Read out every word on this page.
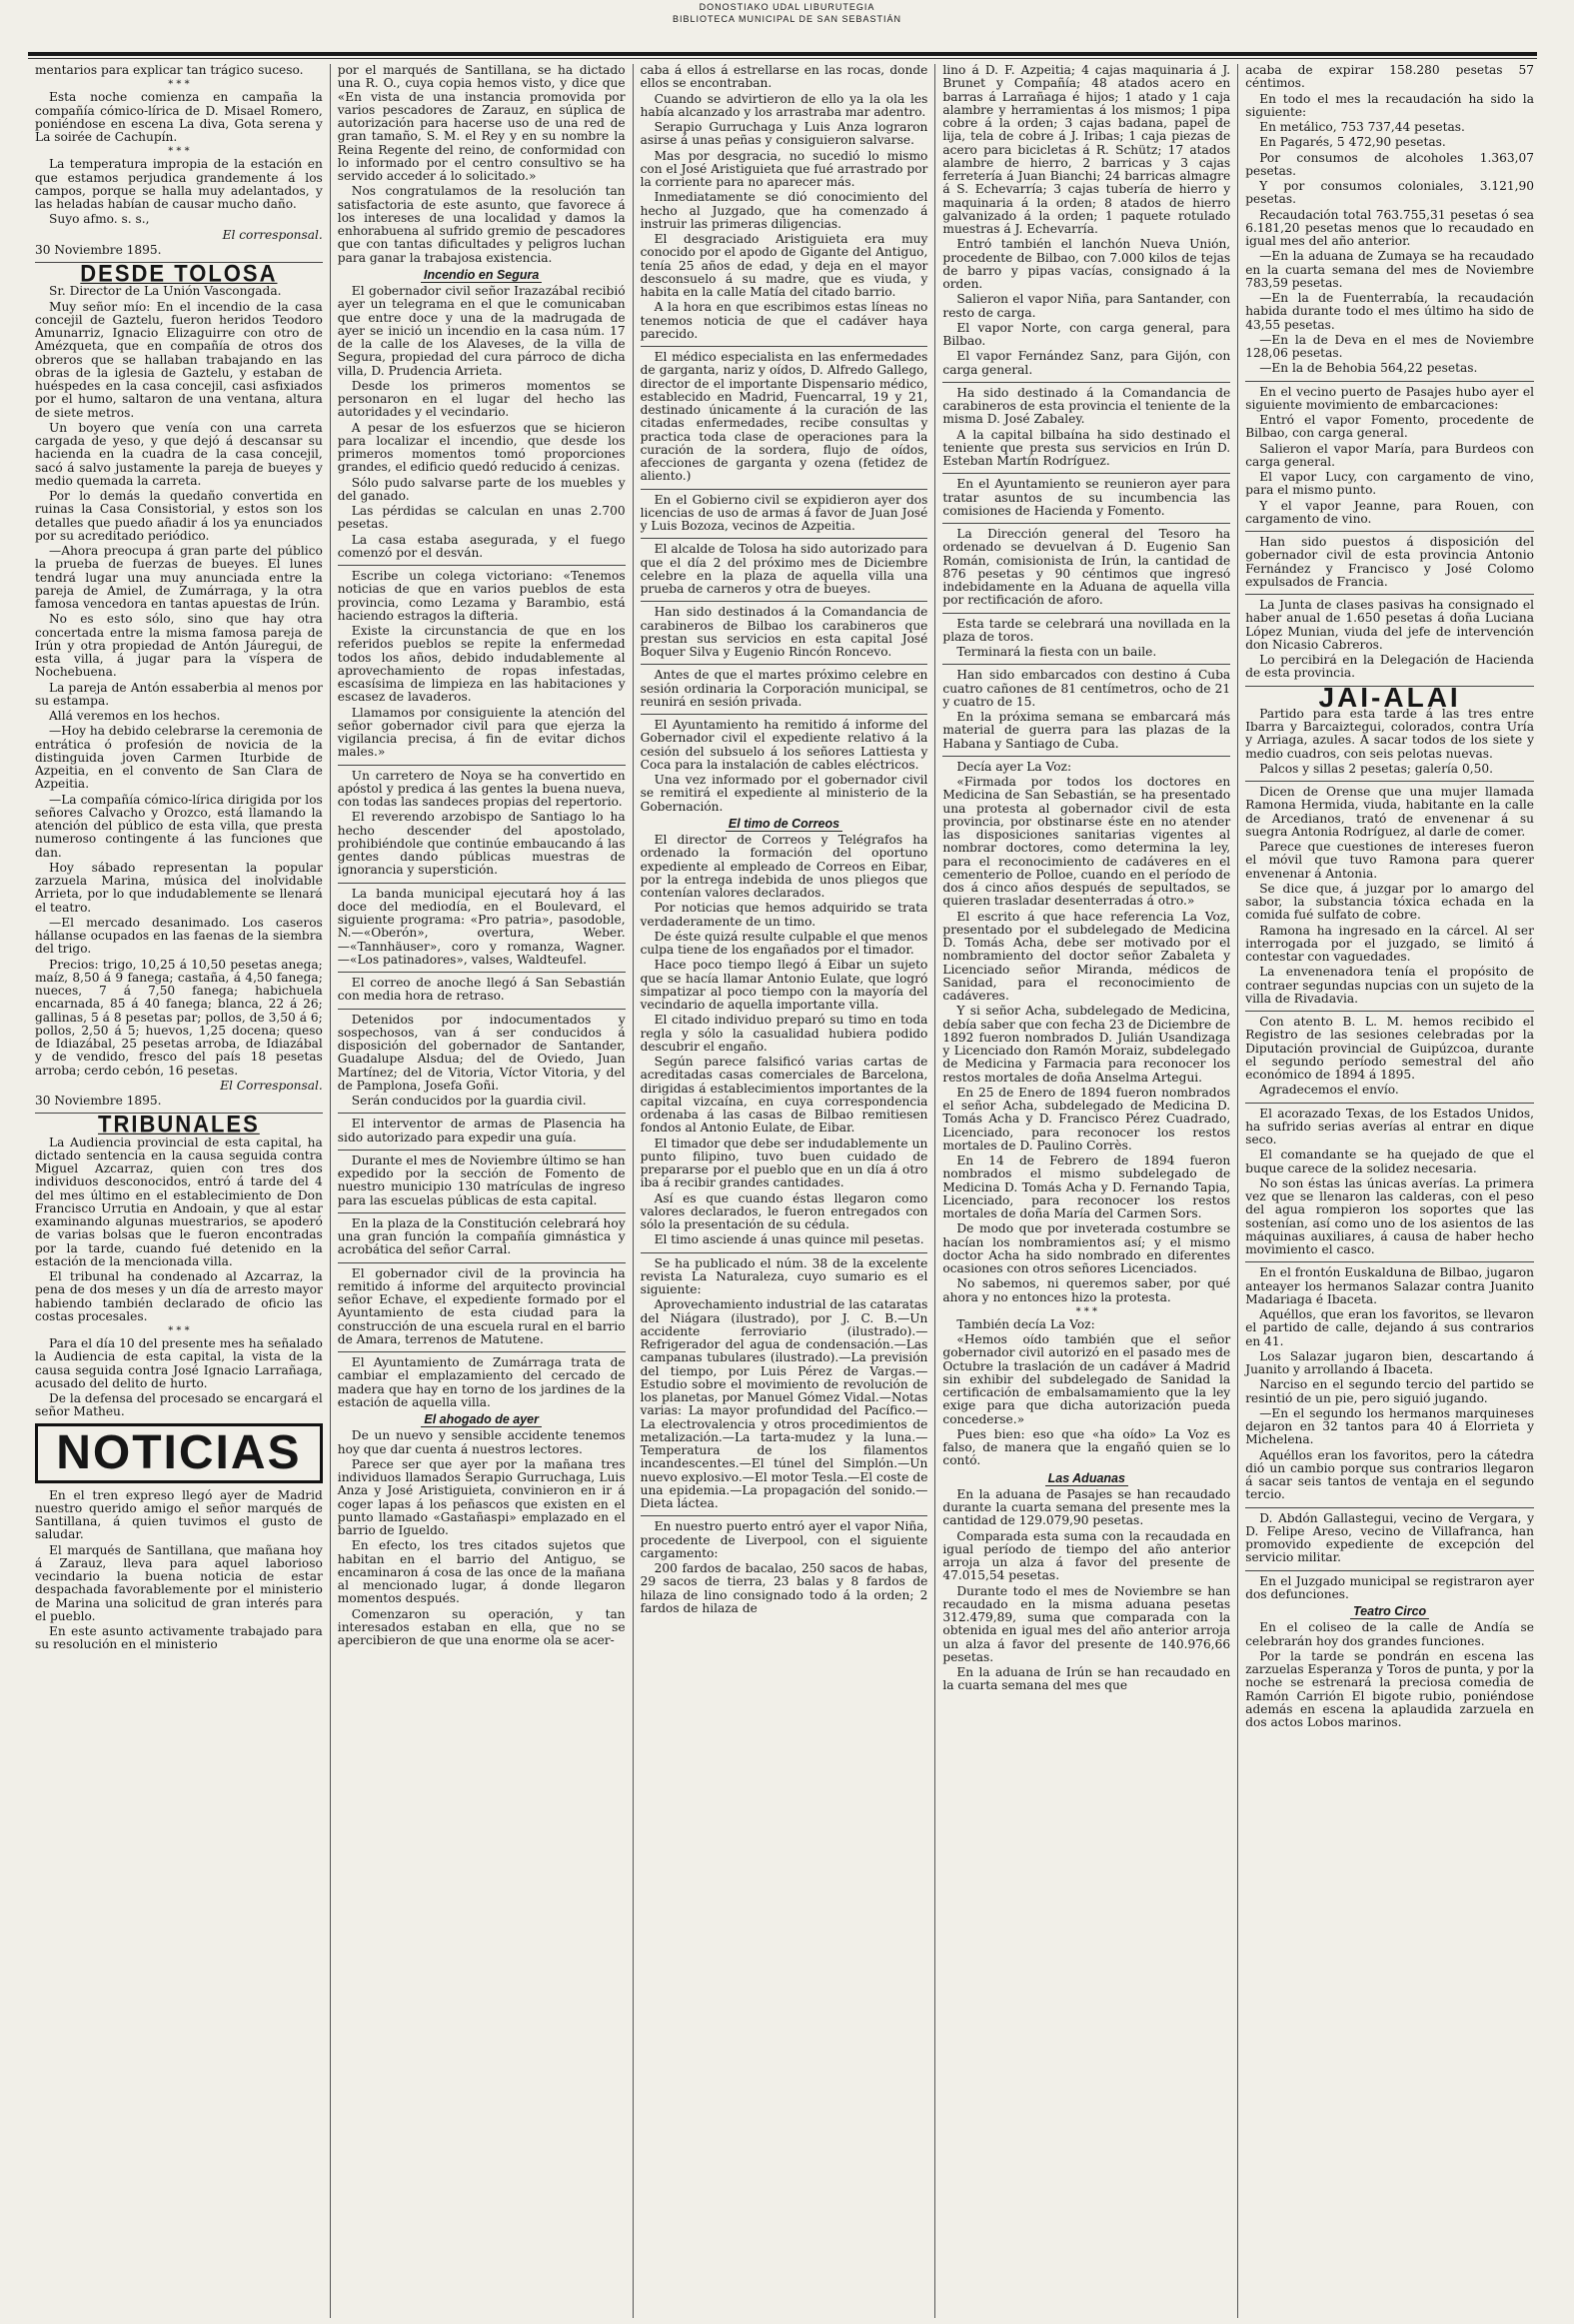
DONOSTIAKO UDAL LIBURUTEGIA
BIBLIOTECA MUNICIPAL DE SAN SEBASTIÁN

mentarios para explicar tan trágico suceso.

* * *

Esta noche comienza en campaña la compañía cómico-lírica de D. Misael Romero, poniéndose en escena La diva, Gota serena y La soirée de Cachupín.

* * *

La temperatura impropia de la estación en que estamos perjudica grandemente á los campos, porque se halla muy adelantados, y las heladas habían de causar mucho daño.

Suyo afmo. s. s.,

El corresponsal.
30 Noviembre 1895.
DESDE TOLOSA

Sr. Director de La Unión Vascongada.

Muy señor mío: En el incendio de la casa concejil de Gaztelu, fueron heridos Teodoro Amunarriz, Ignacio Elizaguirre con otro de Amézqueta, que en compañía de otros dos obreros que se hallaban trabajando en las obras de la iglesia de Gaztelu, y estaban de huéspedes en la casa concejil, casi asfixiados por el humo, saltaron de una ventana, altura de siete metros.

Un boyero que venía con una carreta cargada de yeso, y que dejó á descansar su hacienda en la cuadra de la casa concejil, sacó á salvo justamente la pareja de bueyes y medio quemada la carreta.

Por lo demás la quedaño convertida en ruinas la Casa Consistorial, y estos son los detalles que puedo añadir á los ya enunciados por su acreditado periódico.

—Ahora preocupa á gran parte del público la prueba de fuerzas de bueyes. El lunes tendrá lugar una muy anunciada entre la pareja de Amiel, de Zumárraga, y la otra famosa vencedora en tantas apuestas de Irún.

No es esto sólo, sino que hay otra concertada entre la misma famosa pareja de Irún y otra propiedad de Antón Jáuregui, de esta villa, á jugar para la víspera de Nochebuena.

La pareja de Antón essaberbia al menos por su estampa.

Allá veremos en los hechos.

—Hoy ha debido celebrarse la ceremonia de entrática ó profesión de novicia de la distinguida joven Carmen Iturbide de Azpeitia, en el convento de San Clara de Azpeitia.

—La compañía cómico-lírica dirigida por los señores Calvacho y Orozco, está llamando la atención del público de esta villa, que presta numeroso contingente á las funciones que dan.

Hoy sábado representan la popular zarzuela Marina, música del inolvidable Arrieta, por lo que indudablemente se llenará el teatro.

—El mercado desanimado. Los caseros hállanse ocupados en las faenas de la siembra del trigo.

Precios: trigo, 10,25 á 10,50 pesetas anega; maíz, 8,50 á 9 fanega; castaña, á 4,50 fanega; nueces, 7 á 7,50 fanega; habichuela encarnada, 85 á 40 fanega; blanca, 22 á 26; gallinas, 5 á 8 pesetas par; pollos, de 3,50 á 6; pollos, 2,50 á 5; huevos, 1,25 docena; queso de Idiazábal, 25 pesetas arroba, de Idiazábal y de vendido, fresco del país 18 pesetas arroba; cerdo cebón, 16 pesetas.

El Corresponsal.
30 Noviembre 1895.
TRIBUNALES

La Audiencia provincial de esta capital, ha dictado sentencia en la causa seguida contra Miguel Azcarraz, quien con tres dos individuos desconocidos, entró á tarde del 4 del mes último en el establecimiento de Don Francisco Urrutia en Andoain, y que al estar examinando algunas muestrarios, se apoderó de varias bolsas que le fueron encontradas por la tarde, cuando fué detenido en la estación de la mencionada villa.

El tribunal ha condenado al Azcarraz, la pena de dos meses y un día de arresto mayor habiendo también declarado de oficio las costas procesales.

* * *

Para el día 10 del presente mes ha señalado la Audiencia de esta capital, la vista de la causa seguida contra José Ignacio Larrañaga, acusado del delito de hurto.

De la defensa del procesado se encargará el señor Matheu.

NOTICIAS

En el tren expreso llegó ayer de Madrid nuestro querido amigo el señor marqués de Santillana, á quien tuvimos el gusto de saludar.

El marqués de Santillana, que mañana hoy á Zarauz, lleva para aquel laborioso vecindario la buena noticia de estar despachada favorablemente por el ministerio de Marina una solicitud de gran interés para el pueblo.

En este asunto activamente trabajado para su resolución en el ministerio

por el marqués de Santillana, se ha dictado una R. O., cuya copia hemos visto, y dice que «En vista de una instancia promovida por varios pescadores de Zarauz, en súplica de autorización para hacerse uso de una red de gran tamaño, S. M. el Rey y en su nombre la Reina Regente del reino, de conformidad con lo informado por el centro consultivo se ha servido acceder á lo solicitado.»

Nos congratulamos de la resolución tan satisfactoria de este asunto, que favorece á los intereses de una localidad y damos la enhorabuena al sufrido gremio de pescadores que con tantas dificultades y peligros luchan para ganar la trabajosa existencia.

Incendio en Segura

El gobernador civil señor Irazazábal recibió ayer un telegrama en el que le comunicaban que entre doce y una de la madrugada de ayer se inició un incendio en la casa núm. 17 de la calle de los Alaveses, de la villa de Segura, propiedad del cura párroco de dicha villa, D. Prudencia Arrieta.

Desde los primeros momentos se personaron en el lugar del hecho las autoridades y el vecindario.

A pesar de los esfuerzos que se hicieron para localizar el incendio, que desde los primeros momentos tomó proporciones grandes, el edificio quedó reducido á cenizas.

Sólo pudo salvarse parte de los muebles y del ganado.

Las pérdidas se calculan en unas 2.700 pesetas.

La casa estaba asegurada, y el fuego comenzó por el desván.

Escribe un colega victoriano: «Tenemos noticias de que en varios pueblos de esta provincia, como Lezama y Barambio, está haciendo estragos la difteria.

Existe la circunstancia de que en los referidos pueblos se repite la enfermedad todos los años, debido indudablemente al aprovechamiento de ropas infestadas, escasísima de limpieza en las habitaciones y escasez de lavaderos.

Llamamos por consiguiente la atención del señor gobernador civil para que ejerza la vigilancia precisa, á fin de evitar dichos males.»

Un carretero de Noya se ha convertido en apóstol y predica á las gentes la buena nueva, con todas las sandeces propias del repertorio.

El reverendo arzobispo de Santiago lo ha hecho descender del apostolado, prohibiéndole que continúe embaucando á las gentes dando públicas muestras de ignorancia y superstición.

La banda municipal ejecutará hoy á las doce del mediodía, en el Boulevard, el siguiente programa: «Pro patria», pasodoble, N.—«Oberón», overtura, Weber.—«Tannhäuser», coro y romanza, Wagner.—«Los patinadores», valses, Waldteufel.

El correo de anoche llegó á San Sebastián con media hora de retraso.

Detenidos por indocumentados y sospechosos, van á ser conducidos á disposición del gobernador de Santander, Guadalupe Alsdua; del de Oviedo, Juan Martínez; del de Vitoria, Víctor Vitoria, y del de Pamplona, Josefa Goñi.

Serán conducidos por la guardia civil.

El interventor de armas de Plasencia ha sido autorizado para expedir una guía.

Durante el mes de Noviembre último se han expedido por la sección de Fomento de nuestro municipio 130 matrículas de ingreso para las escuelas públicas de esta capital.

En la plaza de la Constitución celebrará hoy una gran función la compañía gimnástica y acrobática del señor Carral.

El gobernador civil de la provincia ha remitido á informe del arquitecto provincial señor Echave, el expediente formado por el Ayuntamiento de esta ciudad para la construcción de una escuela rural en el barrio de Amara, terrenos de Matutene.

El Ayuntamiento de Zumárraga trata de cambiar el emplazamiento del cercado de madera que hay en torno de los jardines de la estación de aquella villa.

El ahogado de ayer

De un nuevo y sensible accidente tenemos hoy que dar cuenta á nuestros lectores.

Parece ser que ayer por la mañana tres individuos llamados Serapio Gurruchaga, Luis Anza y José Aristiguieta, convinieron en ir á coger lapas á los peñascos que existen en el punto llamado «Gastañaspi» emplazado en el barrio de Igueldo.

En efecto, los tres citados sujetos que habitan en el barrio del Antiguo, se encaminaron á cosa de las once de la mañana al mencionado lugar, á donde llegaron momentos después.

Comenzaron su operación, y tan interesados estaban en ella, que no se apercibieron de que una enorme ola se acer-

caba á ellos á estrellarse en las rocas, donde ellos se encontraban.

Cuando se advirtieron de ello ya la ola les había alcanzado y los arrastraba mar adentro.

Serapio Gurruchaga y Luis Anza lograron asirse á unas peñas y consiguieron salvarse.

Mas por desgracia, no sucedió lo mismo con el José Aristiguieta que fué arrastrado por la corriente para no aparecer más.

Inmediatamente se dió conocimiento del hecho al Juzgado, que ha comenzado á instruir las primeras diligencias.

El desgraciado Aristiguieta era muy conocido por el apodo de Gigante del Antiguo, tenía 25 años de edad, y deja en el mayor desconsuelo á su madre, que es viuda, y habita en la calle Matía del citado barrio.

A la hora en que escribimos estas líneas no tenemos noticia de que el cadáver haya parecido.

El médico especialista en las enfermedades de garganta, nariz y oídos, D. Alfredo Gallego, director de el importante Dispensario médico, establecido en Madrid, Fuencarral, 19 y 21, destinado únicamente á la curación de las citadas enfermedades, recibe consultas y practica toda clase de operaciones para la curación de la sordera, flujo de oídos, afecciones de garganta y ozena (fetidez de aliento.)

En el Gobierno civil se expidieron ayer dos licencias de uso de armas á favor de Juan José y Luis Bozoza, vecinos de Azpeitia.

El alcalde de Tolosa ha sido autorizado para que el día 2 del próximo mes de Diciembre celebre en la plaza de aquella villa una prueba de carneros y otra de bueyes.

Han sido destinados á la Comandancia de carabineros de Bilbao los carabineros que prestan sus servicios en esta capital José Boquer Silva y Eugenio Rincón Roncevo.

Antes de que el martes próximo celebre en sesión ordinaria la Corporación municipal, se reunirá en sesión privada.

El Ayuntamiento ha remitido á informe del Gobernador civil el expediente relativo á la cesión del subsuelo á los señores Lattiesta y Coca para la instalación de cables eléctricos.

Una vez informado por el gobernador civil se remitirá el expediente al ministerio de la Gobernación.

El timo de Correos

El director de Correos y Telégrafos ha ordenado la formación del oportuno expediente al empleado de Correos en Eibar, por la entrega indebida de unos pliegos que contenían valores declarados.

Por noticias que hemos adquirido se trata verdaderamente de un timo.

De éste quizá resulte culpable el que menos culpa tiene de los engañados por el timador.

Hace poco tiempo llegó á Eibar un sujeto que se hacía llamar Antonio Eulate, que logró simpatizar al poco tiempo con la mayoría del vecindario de aquella importante villa.

El citado individuo preparó su timo en toda regla y sólo la casualidad hubiera podido descubrir el engaño.

Según parece falsificó varias cartas de acreditadas casas comerciales de Barcelona, dirigidas á establecimientos importantes de la capital vizcaína, en cuya correspondencia ordenaba á las casas de Bilbao remitiesen fondos al Antonio Eulate, de Eibar.

El timador que debe ser indudablemente un punto filipino, tuvo buen cuidado de prepararse por el pueblo que en un día á otro iba á recibir grandes cantidades.

Así es que cuando éstas llegaron como valores declarados, le fueron entregados con sólo la presentación de su cédula.

El timo asciende á unas quince mil pesetas.

Se ha publicado el núm. 38 de la excelente revista La Naturaleza, cuyo sumario es el siguiente:

Aprovechamiento industrial de las cataratas del Niágara (ilustrado), por J. C. B.—Un accidente ferroviario (ilustrado).—Refrigerador del agua de condensación.—Las campanas tubulares (ilustrado).—La previsión del tiempo, por Luis Pérez de Vargas.—Estudio sobre el movimiento de revolución de los planetas, por Manuel Gómez Vidal.—Notas varias: La mayor profundidad del Pacífico.—La electrovalencia y otros procedimientos de metalización.—La tarta-mudez y la luna.—Temperatura de los filamentos incandescentes.—El túnel del Simplón.—Un nuevo explosivo.—El motor Tesla.—El coste de una epidemia.—La propagación del sonido.—Dieta láctea.

En nuestro puerto entró ayer el vapor Niña, procedente de Liverpool, con el siguiente cargamento:

200 fardos de bacalao, 250 sacos de habas, 29 sacos de tierra, 23 balas y 8 fardos de hilaza de lino consignado todo á la orden; 2 fardos de hilaza de

lino á D. F. Azpeitia; 4 cajas maquinaria á J. Brunet y Compañía; 48 atados acero en barras á Larrañaga é hijos; 1 atado y 1 caja alambre y herramientas á los mismos; 1 pipa cobre á la orden; 3 cajas badana, papel de lija, tela de cobre á J. Iribas; 1 caja piezas de acero para bicicletas á R. Schütz; 17 atados alambre de hierro, 2 barricas y 3 cajas ferretería á Juan Bianchi; 24 barricas almagre á S. Echevarría; 3 cajas tubería de hierro y maquinaria á la orden; 8 atados de hierro galvanizado á la orden; 1 paquete rotulado muestras á J. Echevarría.

Entró también el lanchón Nueva Unión, procedente de Bilbao, con 7.000 kilos de tejas de barro y pipas vacías, consignado á la orden.

Salieron el vapor Niña, para Santander, con resto de carga.

El vapor Norte, con carga general, para Bilbao.

El vapor Fernández Sanz, para Gijón, con carga general.

Ha sido destinado á la Comandancia de carabineros de esta provincia el teniente de la misma D. José Zabaley.

A la capital bilbaína ha sido destinado el teniente que presta sus servicios en Irún D. Esteban Martín Rodríguez.

En el Ayuntamiento se reunieron ayer para tratar asuntos de su incumbencia las comisiones de Hacienda y Fomento.

La Dirección general del Tesoro ha ordenado se devuelvan á D. Eugenio San Román, comisionista de Irún, la cantidad de 876 pesetas y 90 céntimos que ingresó indebidamente en la Aduana de aquella villa por rectificación de aforo.

Esta tarde se celebrará una novillada en la plaza de toros.

Terminará la fiesta con un baile.

Han sido embarcados con destino á Cuba cuatro cañones de 81 centímetros, ocho de 21 y cuatro de 15.

En la próxima semana se embarcará más material de guerra para las plazas de la Habana y Santiago de Cuba.

Decía ayer La Voz:

«Firmada por todos los doctores en Medicina de San Sebastián, se ha presentado una protesta al gobernador civil de esta provincia, por obstinarse éste en no atender las disposiciones sanitarias vigentes al nombrar doctores, como determina la ley, para el reconocimiento de cadáveres en el cementerio de Polloe, cuando en el período de dos á cinco años después de sepultados, se quieren trasladar desenterradas á otro.»

El escrito á que hace referencia La Voz, presentado por el subdelegado de Medicina D. Tomás Acha, debe ser motivado por el nombramiento del doctor señor Zabaleta y Licenciado señor Miranda, médicos de Sanidad, para el reconocimiento de cadáveres.

Y si señor Acha, subdelegado de Medicina, debía saber que con fecha 23 de Diciembre de 1892 fueron nombrados D. Julián Usandizaga y Licenciado don Ramón Moraiz, subdelegado de Medicina y Farmacia para reconocer los restos mortales de doña Anselma Artegui.

En 25 de Enero de 1894 fueron nombrados el señor Acha, subdelegado de Medicina D. Tomás Acha y D. Francisco Pérez Cuadrado, Licenciado, para reconocer los restos mortales de D. Paulino Corrès.

En 14 de Febrero de 1894 fueron nombrados el mismo subdelegado de Medicina D. Tomás Acha y D. Fernando Tapia, Licenciado, para reconocer los restos mortales de doña María del Carmen Sors.

De modo que por inveterada costumbre se hacían los nombramientos así; y el mismo doctor Acha ha sido nombrado en diferentes ocasiones con otros señores Licenciados.

No sabemos, ni queremos saber, por qué ahora y no entonces hizo la protesta.

* * *

También decía La Voz:

«Hemos oído también que el señor gobernador civil autorizó en el pasado mes de Octubre la traslación de un cadáver á Madrid sin exhibir del subdelegado de Sanidad la certificación de embalsamamiento que la ley exige para que dicha autorización pueda concederse.»

Pues bien: eso que «ha oído» La Voz es falso, de manera que la engañó quien se lo contó.

Las Aduanas

En la aduana de Pasajes se han recaudado durante la cuarta semana del presente mes la cantidad de 129.079,90 pesetas.

Comparada esta suma con la recaudada en igual período de tiempo del año anterior arroja un alza á favor del presente de 47.015,54 pesetas.

Durante todo el mes de Noviembre se han recaudado en la misma aduana pesetas 312.479,89, suma que comparada con la obtenida en igual mes del año anterior arroja un alza á favor del presente de 140.976,66 pesetas.

En la aduana de Irún se han recaudado en la cuarta semana del mes que

acaba de expirar 158.280 pesetas 57 céntimos.

En todo el mes la recaudación ha sido la siguiente:

En metálico, 753 737,44 pesetas.

En Pagarés, 5 472,90 pesetas.

Por consumos de alcoholes 1.363,07 pesetas.

Y por consumos coloniales, 3.121,90 pesetas.

Recaudación total 763.755,31 pesetas ó sea 6.181,20 pesetas menos que lo recaudado en igual mes del año anterior.

—En la aduana de Zumaya se ha recaudado en la cuarta semana del mes de Noviembre 783,59 pesetas.

—En la de Fuenterrabía, la recaudación habida durante todo el mes último ha sido de 43,55 pesetas.

—En la de Deva en el mes de Noviembre 128,06 pesetas.

—En la de Behobia 564,22 pesetas.

En el vecino puerto de Pasajes hubo ayer el siguiente movimiento de embarcaciones:

Entró el vapor Fomento, procedente de Bilbao, con carga general.

Salieron el vapor María, para Burdeos con carga general.

El vapor Lucy, con cargamento de vino, para el mismo punto.

Y el vapor Jeanne, para Rouen, con cargamento de vino.

Han sido puestos á disposición del gobernador civil de esta provincia Antonio Fernández y Francisco y José Colomo expulsados de Francia.

La Junta de clases pasivas ha consignado el haber anual de 1.650 pesetas á doña Luciana López Munian, viuda del jefe de intervención don Nicasio Cabreros.

Lo percibirá en la Delegación de Hacienda de esta provincia.

JAI-ALAI

Partido para esta tarde á las tres entre Ibarra y Barcaiztegui, colorados, contra Uría y Arriaga, azules. A sacar todos de los siete y medio cuadros, con seis pelotas nuevas.

Palcos y sillas 2 pesetas; galería 0,50.

Dicen de Orense que una mujer llamada Ramona Hermida, viuda, habitante en la calle de Arcedianos, trató de envenenar á su suegra Antonia Rodríguez, al darle de comer.

Parece que cuestiones de intereses fueron el móvil que tuvo Ramona para querer envenenar á Antonia.

Se dice que, á juzgar por lo amargo del sabor, la substancia tóxica echada en la comida fué sulfato de cobre.

Ramona ha ingresado en la cárcel. Al ser interrogada por el juzgado, se limitó á contestar con vaguedades.

La envenenadora tenía el propósito de contraer segundas nupcias con un sujeto de la villa de Rivadavia.

Con atento B. L. M. hemos recibido el Registro de las sesiones celebradas por la Diputación provincial de Guipúzcoa, durante el segundo período semestral del año económico de 1894 á 1895.

Agradecemos el envío.

El acorazado Texas, de los Estados Unidos, ha sufrido serias averías al entrar en dique seco.

El comandante se ha quejado de que el buque carece de la solidez necesaria.

No son éstas las únicas averías. La primera vez que se llenaron las calderas, con el peso del agua rompieron los soportes que las sostenían, así como uno de los asientos de las máquinas auxiliares, á causa de haber hecho movimiento el casco.

En el frontón Euskalduna de Bilbao, jugaron anteayer los hermanos Salazar contra Juanito Madariaga é Ibaceta.

Aquéllos, que eran los favoritos, se llevaron el partido de calle, dejando á sus contrarios en 41.

Los Salazar jugaron bien, descartando á Juanito y arrollando á Ibaceta.

Narciso en el segundo tercio del partido se resintió de un pie, pero siguió jugando.

—En el segundo los hermanos marquineses dejaron en 32 tantos para 40 á Elorrieta y Michelena.

Aquéllos eran los favoritos, pero la cátedra dió un cambio porque sus contrarios llegaron á sacar seis tantos de ventaja en el segundo tercio.

D. Abdón Gallastegui, vecino de Vergara, y D. Felipe Areso, vecino de Villafranca, han promovido expediente de excepción del servicio militar.

En el Juzgado municipal se registraron ayer dos defunciones.

Teatro Circo

En el coliseo de la calle de Andía se celebrarán hoy dos grandes funciones.

Por la tarde se pondrán en escena las zarzuelas Esperanza y Toros de punta, y por la noche se estrenará la preciosa comedia de Ramón Carrión El bigote rubio, poniéndose además en escena la aplaudida zarzuela en dos actos Lobos marinos.
